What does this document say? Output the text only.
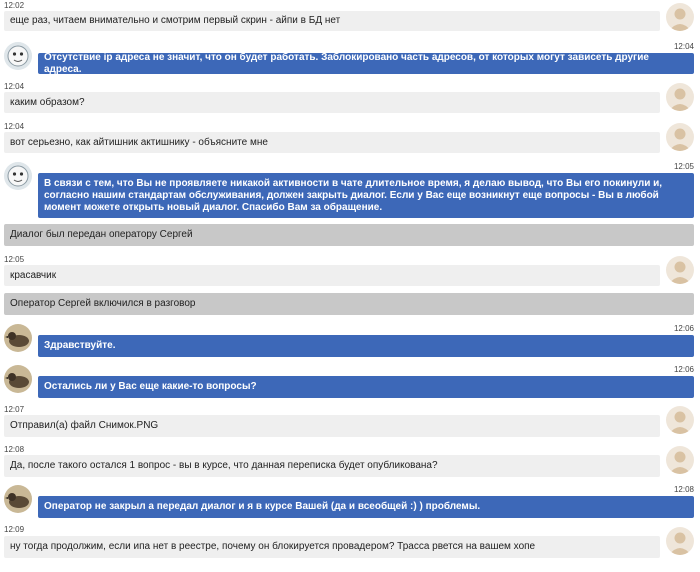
12:02
еще раз, читаем внимательно и смотрим первый скрин - айпи в БД нет
12:04
Отсутствие ip адреса не значит, что он будет работать. Заблокировано часть адресов, от которых могут зависеть другие адреса.
12:04
каким образом?
12:04
вот серьезно, как айтишник актишнику - объясните мне
12:05
В связи с тем, что Вы не проявляете никакой активности в чате длительное время, я делаю вывод, что Вы его покинули и, согласно нашим стандартам обслуживания, должен закрыть диалог. Если у Вас еще возникнут еще вопросы - Вы в любой момент можете открыть новый диалог. Спасибо Вам за обращение.
Диалог был передан оператору Сергей
12:05
красавчик
Оператор Сергей включился в разговор
12:06
Здравствуйте.
12:06
Остались ли у Вас еще какие-то вопросы?
12:07
Отправил(а) файл Снимок.PNG
12:08
Да, после такого остался 1 вопрос - вы в курсе, что данная переписка будет опубликована?
12:08
Оператор не закрыл а передал диалог и я в курсе Вашей (да и всеобщей :) ) проблемы.
12:09
ну тогда продолжим, если ипа нет в реестре, почему он блокируется провадером? Трасса рвется на вашем хопе
